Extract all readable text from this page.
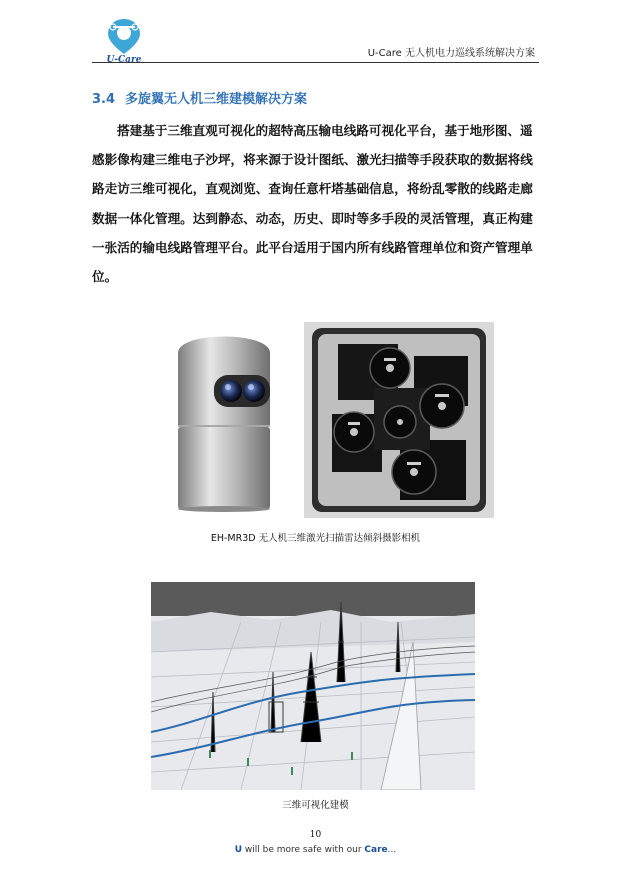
U-Care
U-Care 无人机电力巡线系统解决方案
3.4 多旋翼无人机三维建模解决方案
搭建基于三维直观可视化的超特高压输电线路可视化平台，基于地形图、遥
感影像构建三维电子沙坪，将来源于设计图纸、激光扫描等手段获取的数据将线
路走访三维可视化，直观浏览、查询任意杆塔基础信息，将纷乱零散的线路走廊
数据一体化管理。达到静态、动态，历史、即时等多手段的灵活管理，真正构建
一张活的输电线路管理平台。此平台适用于国内所有线路管理单位和资产管理单
位。
EH-MR3D 无人机三维激光扫描雷达倾斜摄影相机
三维可视化建模
10
U will be more safe with our Care...
